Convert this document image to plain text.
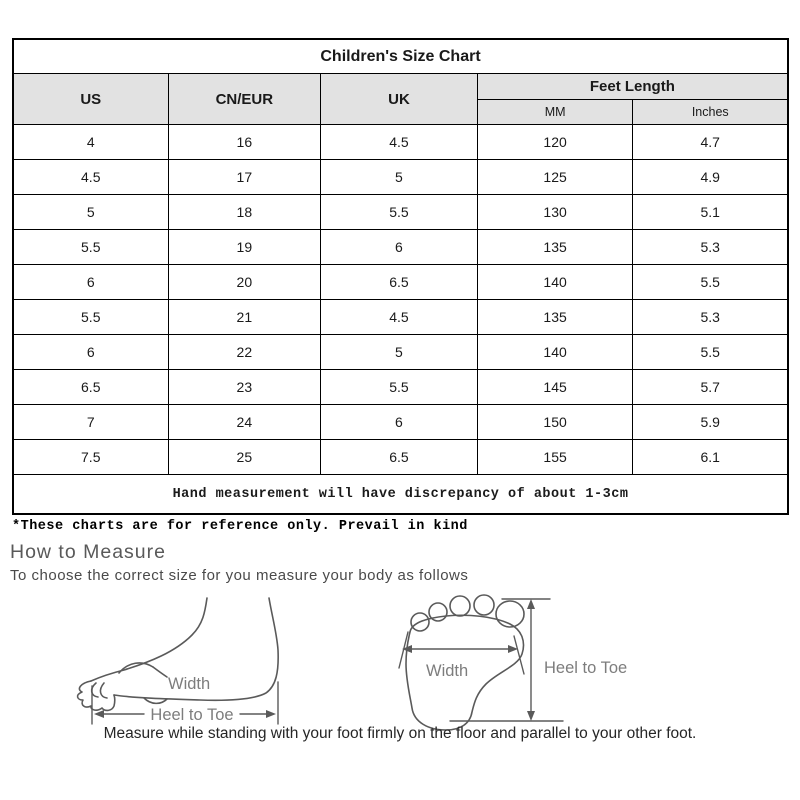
Children's Size Chart				
US	CN/EUR	UK	Feet Length	
			MM	Inches
4	16	4.5	120	4.7
4.5	17	5	125	4.9
5	18	5.5	130	5.1
5.5	19	6	135	5.3
6	20	6.5	140	5.5
5.5	21	4.5	135	5.3
6	22	5	140	5.5
6.5	23	5.5	145	5.7
7	24	6	150	5.9
7.5	25	6.5	155	6.1
Hand measurement will have discrepancy of about 1-3cm				
*These charts are for reference only. Prevail in kind
How to Measure
To choose the correct size for you measure your body as follows
Width
Heel to Toe
Width	Heel to Toe
Measure while standing with your foot firmly on the floor and parallel to your other foot.
